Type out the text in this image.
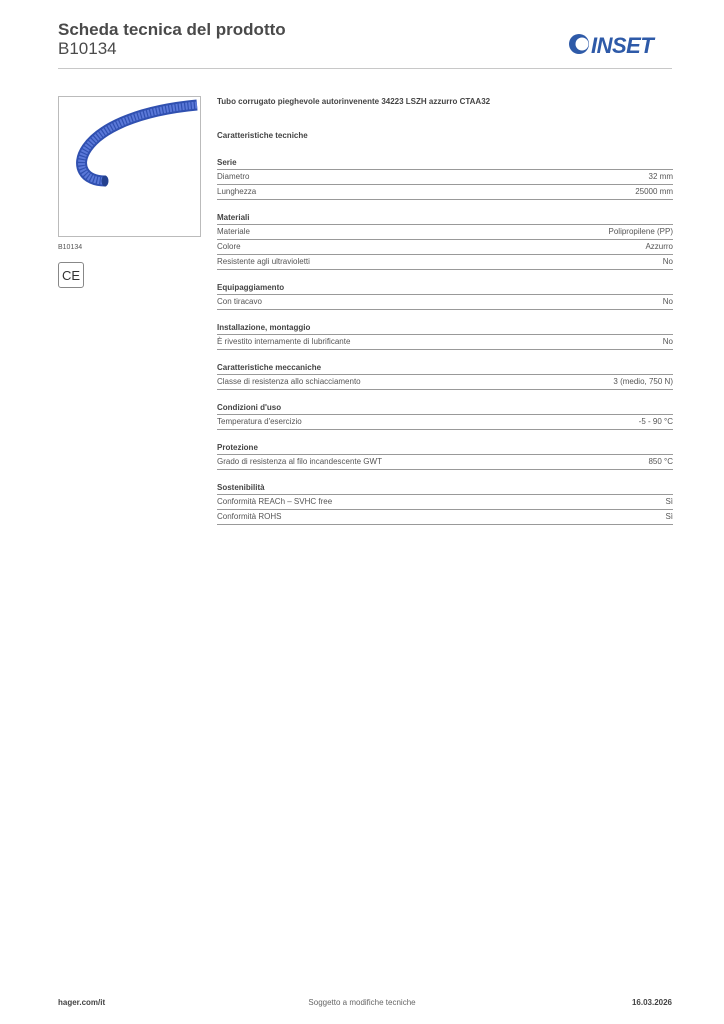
Scheda tecnica del prodotto
B10134	INSET
B10134
CE
Tubo corrugato pieghevole autorinvenente 34223 LSZH azzurro CTAA32
Caratteristiche tecniche
Serie
Diametro	32 mm
Lunghezza	25000 mm
Materiali
Materiale	Polipropilene (PP)
Colore	Azzurro
Resistente agli ultravioletti	No
Equipaggiamento
Con tiracavo	No
Installazione, montaggio
È rivestito internamente di lubrificante	No
Caratteristiche meccaniche
Classe di resistenza allo schiacciamento	3 (medio, 750 N)
Condizioni d'uso
Temperatura d'esercizio	-5 - 90 °C
Protezione
Grado di resistenza al filo incandescente GWT	850 °C
Sostenibilità
Conformità REACh – SVHC free	Sì
Conformità ROHS	Sì
hager.com/it	Soggetto a modifiche tecniche	16.03.2026
